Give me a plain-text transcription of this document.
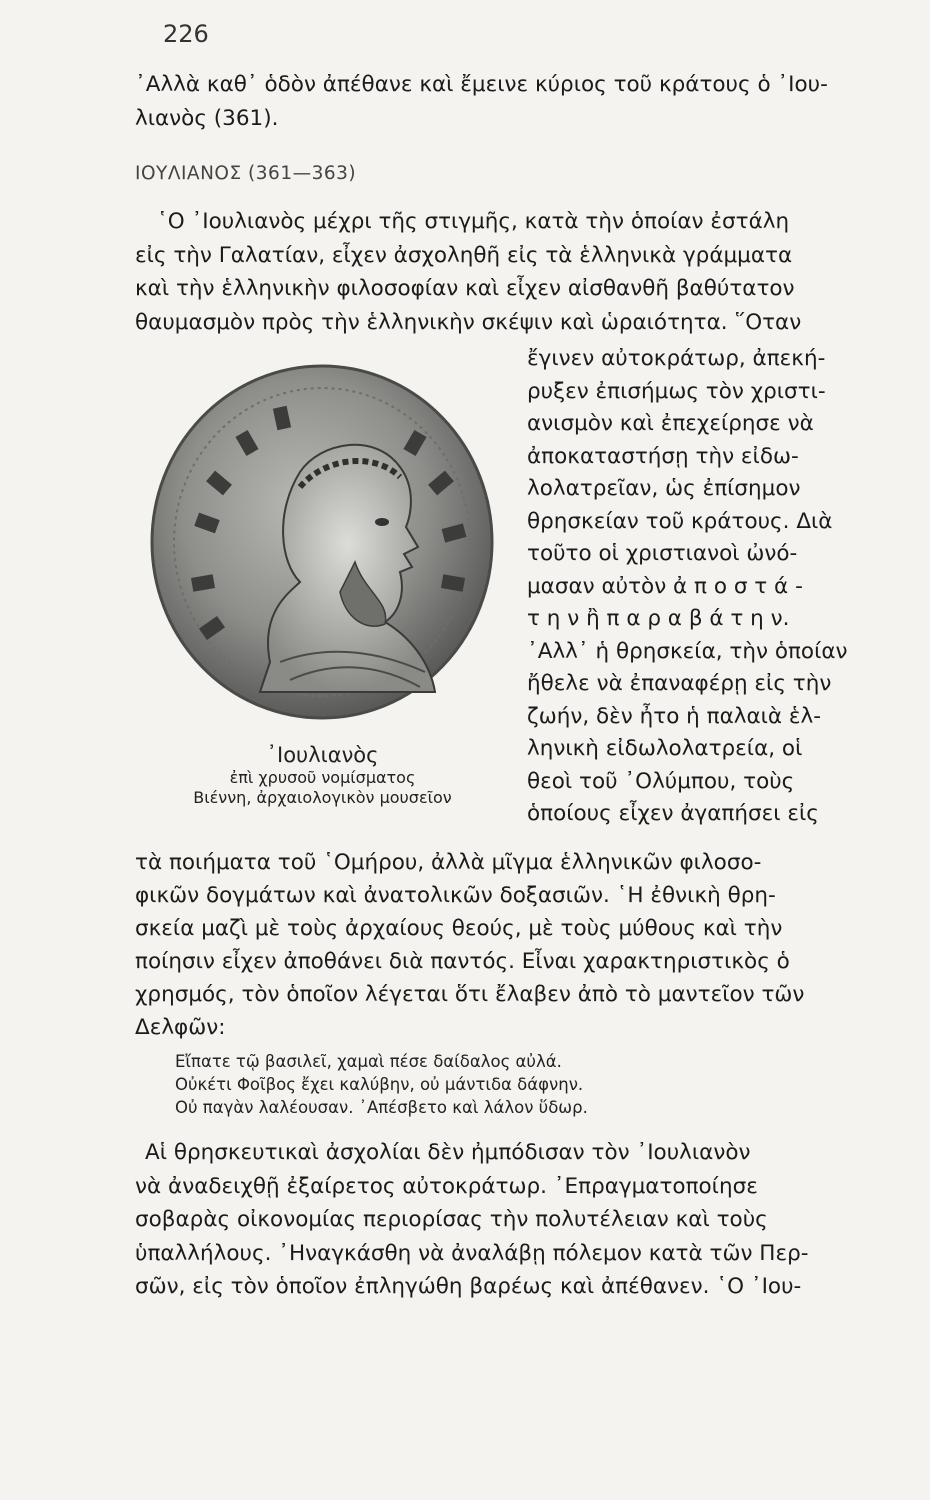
226
᾿Αλλὰ καθ᾿ ὁδὸν ἀπέθανε καὶ ἔμεινε κύριος τοῦ κράτους ὁ ᾿Ιου-
λιανὸς (361).
ΙΟΥΛΙΑΝΟΣ (361—363)
῾Ο ᾿Ιουλιανὸς μέχρι τῆς στιγμῆς, κατὰ τὴν ὁποίαν ἐστάλη
εἰς τὴν Γαλατίαν, εἶχεν ἀσχοληθῆ εἰς τὰ ἑλληνικὰ γράμματα
καὶ τὴν ἑλληνικὴν φιλοσοφίαν καὶ εἶχεν αἰσθανθῆ βαθύτατον
θαυμασμὸν πρὸς τὴν ἑλληνικὴν σκέψιν καὶ ὡραιότητα. ῞Οταν
ἔγινεν αὐτοκράτωρ, ἀπεκή-
ρυξεν ἐπισήμως τὸν χριστι-
ανισμὸν καὶ ἐπεχείρησε νὰ
ἀποκαταστήσῃ τὴν εἰδω-
λολατρεῖαν, ὡς ἐπίσημον
θρησκείαν τοῦ κράτους. Διὰ
τοῦτο οἱ χριστιανοὶ ὠνό-
μασαν αὐτὸν ἀ π ο σ τ ά -
τ η ν ἢ π α ρ α β ά τ η ν.
᾿Αλλ᾿ ἡ θρησκεία, τὴν ὁποίαν
ἤθελε νὰ ἐπαναφέρῃ εἰς τὴν
ζωήν, δὲν ἦτο ἡ παλαιὰ ἑλ-
ληνικὴ εἰδωλολατρεία, οἱ
θεοὶ τοῦ ᾿Ολύμπου, τοὺς
ὁποίους εἶχεν ἀγαπήσει εἰς
᾿Ιουλιανὸς
ἐπὶ χρυσοῦ νομίσματος
Βιέννη, ἀρχαιολογικὸν μουσεῖον
τὰ ποιήματα τοῦ ῾Ομήρου, ἀλλὰ μῖγμα ἑλληνικῶν φιλοσο-
φικῶν δογμάτων καὶ ἀνατολικῶν δοξασιῶν. ῾Η ἐθνικὴ θρη-
σκεία μαζὶ μὲ τοὺς ἀρχαίους θεούς, μὲ τοὺς μύθους καὶ τὴν
ποίησιν εἶχεν ἀποθάνει διὰ παντός. Εἶναι χαρακτηριστικὸς ὁ
χρησμός, τὸν ὁποῖον λέγεται ὅτι ἔλαβεν ἀπὸ τὸ μαντεῖον τῶν
Δελφῶν:
Εἴπατε τῷ βασιλεῖ, χαμαὶ πέσε δαίδαλος αὐλά.
Οὐκέτι Φοῖβος ἔχει καλύβην, οὐ μάντιδα δάφνην.
Οὐ παγὰν λαλέουσαν. ᾿Απέσβετο καὶ λάλον ὕδωρ.
Αἱ θρησκευτικαὶ ἀσχολίαι δὲν ἠμπόδισαν τὸν ᾿Ιουλιανὸν
νὰ ἀναδειχθῇ ἐξαίρετος αὐτοκράτωρ. ᾿Επραγματοποίησε
σοβαρὰς οἰκονομίας περιορίσας τὴν πολυτέλειαν καὶ τοὺς
ὑπαλλήλους. ᾿Ηναγκάσθη νὰ ἀναλάβῃ πόλεμον κατὰ τῶν Περ-
σῶν, εἰς τὸν ὁποῖον ἐπληγώθη βαρέως καὶ ἀπέθανεν. ῾Ο ᾿Ιου-
